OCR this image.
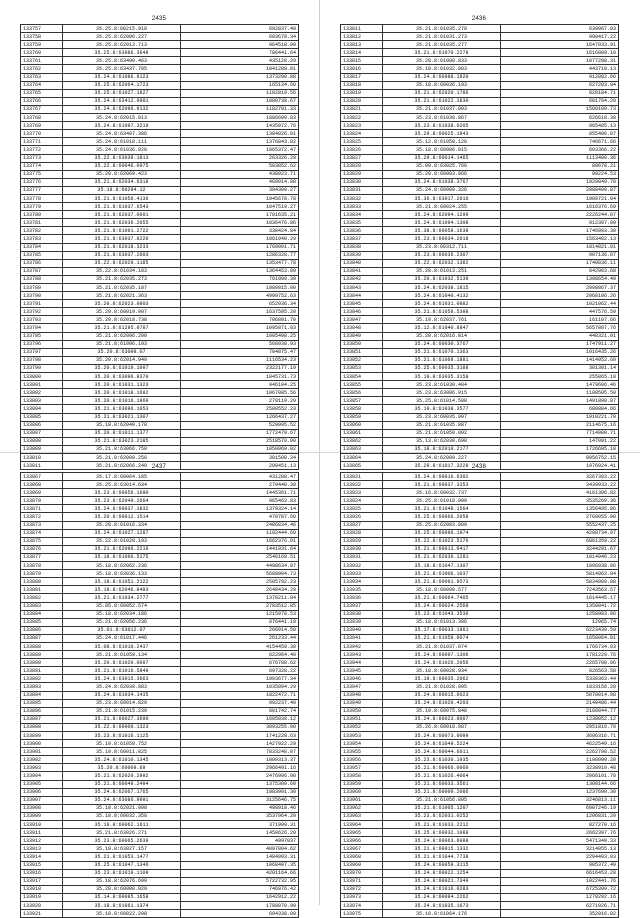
2435
133757	35.25.8:60215.918	692837.40
133758	35.25.8:62096.227	603678.34
133759	35.25.8:62013.713	964518.99
133760	35.25.8:63986.3648	786441.64
133761	35.25.8:63400.463	435128.29
133762	35.25.8:63437.795	1041289.81
133763	35.24.8:61086.8123	1373290.88
133764	35.25.8:62064.1723	165134.60
133765	35.25.8:61027.1827	1102819.56
133766	35.24.8:63412.9901	1080738.67
133767	35.24.8:62096.9132	1182701.33
133768	35.24.8:62015.813	1886699.83
133769	35.24.8:61097.3219	1435972.76
133770	35.24.8:63407.306	1384026.01
133771	35.24.8:61018.111	1376843.82
133772	35.24.8:61036.928	1065372.47
133773	35.22.8:63039.1813	263326.29
133774	35.22.8:60046.0975	503852.62
133775	35.20.8:62069.423	438923.71
133776	35.21.8:62034.6318	469914.88
133777	35.18.8:60294.12	394309.27
133778	35.21.8:61056.4136	1945678.78
133779	35.21.8:61037.6543	1047519.27
133780	35.21.8:62037.0601	1781635.21
133781	35.21.8:62036.2655	1036476.86
133782	35.21.8:61091.2722	338424.84
133783	35.21.8:63037.8220	1061940.29
133784	35.21.8:62018.3233	1760001.71
133785	35.21.8:63037.2603	1286328.77
133786	35.22.8:62029.1185	1353477.78
133787	35.22.8:61034.103	1364453.09
133788	35.21.8:62035.273	761909.39
133789	35.21.8:62035.187	1080015.00
133790	35.21.8:62021.363	4999752.63
133791	35.20.8:62023.9803	652936.34
133792	35.20.8:60019.907	1637595.20
133793	35.20.8:62018.738	706891.70
133794	35.21.8:61295.8787	1095871.83
133795	35.21.8:62096.208	1005498.25
133796	35.21.8:61096.193	568930.93
133797	35.20.8:63098.07	704875.47
133798	35.20.8:62014.949	1116534.23
133799	35.20.8:61019.1097	2322177.19
133800	35.20.8:63096.8370	1845731.73
133801	35.20.8:61031.1323	946104.25
133802	35.20.8:61018.1692	1067085.56
133803	35.20.8:61016.1969	270119.29
133804	35.21.8:63096.1053	2509552.23
133805	35.21.8:63021.1307	1266437.27
133806	35.18.8:62040.178	529995.52
133807	35.20.8:61011.1377	1772479.67
133808	35.21.8:63023.2185	2518570.00
133809	35.21.8:63066.750	1050969.02
133810	35.21.8:62009.250	301508.34
133811	35.21.8:62066.249	209451.13
2436
133811	35.21.8:61035.278	639967.03
133812	35.21.8:61031.273	990417.22
133813	35.21.8:61035.277	1647033.91
133814	35.21.8:61070.2278	1616089.10
133815	35.20.8:61080.833	1077298.31
133816	35.19.8:61032.803	443710.13
133817	35.24.8:60988.1920	912802.66
133818	35.18.8:60036.193	627203.94
133819	35.21.8:62020.1786	820184.71
133820	35.21.8:61022.1830	601764.20
133821	35.21.8:61037.093	1560109.73
133822	35.23.8:61030.867	626618.30
133823	35.23.8:61038.0205	965485.13
133824	35.29.8:60025.1843	855406.07
133825	35.12.8:61050.120	746671.66
133826	35.18.8:60986.015	603366.22
133827	35.29.8:60014.1465	1113480.36
133828	35.09.8:63025.760	89678.21
133829	35.20.8:60003.966	99224.53
133830	35.24.8:61038.3767	1929849.70
133831	35.24.8:60989.326	2088499.87
133832	35.36.8:63017.2016	1909721.04
133833	35.21.8:60024.255	1616376.69
133834	35.24.8:62094.1299	2226244.07
133835	35.24.8:61094.1308	912307.09
133836	35.38.8:60058.1638	1746993.30
133837	35.23.8:60034.2018	1563402.13
133838	35.23.8:60312.711	1814821.01
133839	35.23.8:60036.2307	907136.07
133840	35.22.8:62032.1382	1740836.11
133841	35.20.8:61013.251	842903.68
133842	35.20.8:61032.5139	1398654.49
133843	35.24.8:62038.1815	2098867.37
133844	35.24.8:61040.4132	2068106.26
133845	35.24.8:61031.0882	1021062.44
133846	35.21.8:61058.5398	447576.59
133847	35.10.8:62037.761	161107.66
133848	35.12.8:61040.8847	5657807.76
133849	35.20.8:62016.814	448321.01
133850	35.24.8:60030.3767	1747911.27
133851	35.21.8:61070.1363	1016435.26
133852	35.21.8:61068.1881	1414952.60
133853	35.25.8:60035.3188	301301.14
133854	35.19.8:63035.3158	255865.18
133855	35.23.8:61039.484	1479606.46
133856	35.23.8:63086.015	1108505.50
133857	35.25.8:61014.588	1491800.87
133858	35.19.8:61038.3577	680884.66
133859	35.23.8:60035.997	1910221.70
133860	35.21.8:61035.887	2114675.16
133861	35.21.8:61050.092	7714900.71
133862	35.13.8:62030.698	147091.22
133863	35.18.8:62010.2177	1726695.18
133864	35.24.8:62009.227	8956752.15
133865	35.29.8:61017.3229	1976924.41
2437
133867	35.17.8:60064.185	431288.47
133868	35.25.8:63014.634	279440.30
133869	35.23.8:60056.1690	1445361.71
133870	35.23.8:62049.2664	965463.83
133871	35.24.8:60037.1832	1379324.14
133872	35.20.8:60012.1514	470787.60
133873	35.20.8:61016.334	2486834.46
133874	35.24.8:61027.1287	1102444.69
133875	35.22.8:61029.193	1662376.01
133876	35.21.8:62096.2219	1441931.64
133877	35.18.8:61060.5175	2546168.51
133878	35.18.8:62062.236	4498634.97
133879	35.18.8:63036.133	5689904.73
133880	35.18.8:61051.2122	2585792.23
133881	35.18.8:62046.8493	2648434.29
133882	35.21.8:61034.2777	1378211.84
133883	35.05.8:60052.574	2783512.85
133884	35.18.8:62034.186	1215978.53
133885	35.21.8:62056.236	876441.19
133886	35.01.8:63012.07	266914.50
133887	35.24.8:61017.446	261233.44
133888	35.08.8:61010.2437	4154459.38
133889	35.21.8:61059.134	622964.40
133890	35.20.8:61020.0097	676788.62
133891	35.21.8:61016.5849	697328.22
133892	35.24.8:63015.3663	1993677.34
133893	35.24.8:62039.883	1035094.29
133894	35.24.8:61034.1435	1822472.71
133895	35.23.8:60014.829	992237.40
133896	35.21.8:61015.239	801742.74
133897	35.21.8:60027.3690	1605039.12
133898	35.22.8:60009.1323	3093255.00
133899	35.23.8:61016.1125	1741228.63
133900	35.10.8:61058.752	1427922.29
133901	35.10.8:60011.825	7833248.07
133902	35.24.8:61010.1345	1009313.37
133903	35.20.8:60009.69	2966491.16
133904	35.21.8:62020.2992	2476996.08
133905	35.21.8:60049.2494	1375309.60
133906	35.24.8:62067.1765	1083991.30
133907	35.24.8:63086.9991	3125646.75
133908	35.18.8:62021.098	498918.46
133909	35.18.8:60032.358	3537964.20
133910	35.19.8:60062.1611	371999.31
133911	35.21.8:63026.271	1450626.29
133912	35.23.8:60065.2639	4997037
133913	35.10.8:63027.157	4097004.62
133914	35.21.8:61053.1477	1484993.31
133915	35.25.8:61047.1346	1068407.35
133916	35.23.8:61019.1109	4201164.66
133917	35.18.8:62076.699	5722732.95
133918	35.20.8:60080.929	746976.42
133919	35.14.8:60085.1658	1642912.22
133920	35.18.8:61061.1374	1788070.99
133921	35.18.8:60022.298	694338.09
2438
133921	35.24.8:60016.6392	3267393.22
133922	35.21.8:60037.3353	3439933.22
133923	35.16.8:60032.737	4161396.82
133924	35.25.8:61018.999	3535269.36
133925	35.21.8:61048.1564	1356495.86
133926	35.25.8:60066.2058	2768055.90
133927	35.25.8:62093.809	5552437.25
133928	35.25.8:60096.1974	4298734.97
133929	35.22.8:61023.5176	6861359.22
133930	35.21.8:60013.0417	3244291.67
133931	35.21.8:62036.1281	1014946.23
133932	35.18.8:61047.1307	1006938.06
133933	35.21.8:61006.1037	5814963.04
133934	35.21.8:60091.9573	5034989.08
133935	35.18.8:60098.577	7243563.57
133936	35.21.8:60064.7405	1614445.17
133937	35.24.8:60024.2568	1350841.72
133938	35.23.8:61043.3536	1258983.06
133939	35.18.8:61013.306	12965.74
133940	35.17.8:60033.1961	6223430.59
133941	35.21.8:61059.0074	1658064.81
133942	35.21.8:61037.074	1766734.03
133943	35.24.8:60097.1306	1781229.76
133944	35.24.8:61026.2056	2265708.06
133945	35.18.8:60028.934	826563.58
133946	35.19.8:60035.2062	5330363.44
133947	35.21.8:61028.095	1833156.28
133948	35.24.8:60015.6023	5070014.08
133949	35.24.8:61020.4203	2149486.44
133950	35.19.8:60075.848	2160844.77
133951	35.24.8:60023.8007	1238052.12
133952	35.26.8:60018.087	2051816.70
133953	35.24.8:60073.0099	3606316.71
133954	35.24.8:61049.5224	4622549.16
133955	35.24.8:60044.6011	2262798.52
133956	35.23.8:61030.1935	1198990.20
133957	35.21.8:60066.0060	3238910.48
133958	35.21.8:61026.4064	2066101.78
133959	35.21.8:60033.3561	1300144.66
133960	35.21.8:60009.2086	1237690.30
133961	35.21.8:61056.895	3246813.11
133962	35.21.8:61005.1207	6007246.19
133963	35.23.8:62031.0252	1206831.20
133964	35.21.8:61033.2212	827270.16
133965	35.25.8:60032.1088	2662397.76
133966	35.24.8:60063.6088	5471349.33
133967	35.21.8:60015.1332	3214055.13
133968	35.21.8:61044.7738	2294493.03
133969	35.24.8:60059.3115	905372.49
133970	35.24.8:60022.1254	6616453.28
133971	35.24.8:60021.7349	1022441.76
133972	35.24.8:61016.0283	6725399.72
133973	35.24.8:60084.2262	1278292.16
133974	35.24.8:61035.1673	6271926.71
133975	35.16.8:61064.176	352016.82
